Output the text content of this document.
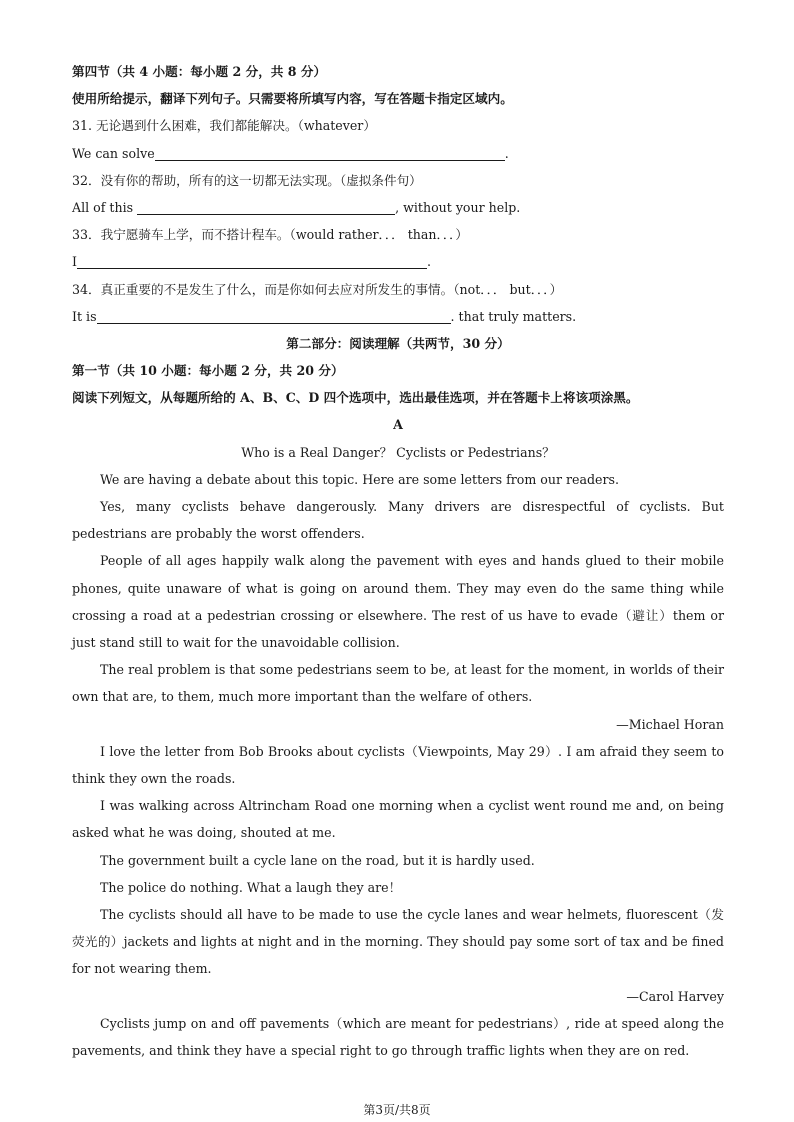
第四节（共 4 小题：每小题 2 分，共 8 分）
使用所给提示，翻译下列句子。只需要将所填写内容，写在答题卡指定区域内。
31. 无论遇到什么困难，我们都能解决。（whatever）
We can solve	.
32．没有你的帮助，所有的这一切都无法实现。（虚拟条件句）
All of this	, without your help.
33．我宁愿骑车上学，而不搭计程车。（would rather．．． than．．．）
I	.
34．真正重要的不是发生了什么，而是你如何去应对所发生的事情。（not．．． but．．．）
It is	. that truly matters.
第二部分：阅读理解（共两节，30 分）
第一节（共 10 小题：每小题 2 分，共 20 分）
阅读下列短文，从每题所给的 A、B、C、D 四个选项中，选出最佳选项，并在答题卡上将该项涂黑。
A
Who is a Real Danger？ Cyclists or Pedestrians？
We are having a debate about this topic. Here are some letters from our readers.
Yes, many cyclists behave dangerously. Many drivers are disrespectful of cyclists. But pedestrians are probably the worst offenders.
People of all ages happily walk along the pavement with eyes and hands glued to their mobile phones, quite unaware of what is going on around them. They may even do the same thing while crossing a road at a pedestrian crossing or elsewhere. The rest of us have to evade（避让）them or just stand still to wait for the unavoidable collision.
The real problem is that some pedestrians seem to be, at least for the moment, in worlds of their own that are, to them, much more important than the welfare of others.
—Michael Horan
I love the letter from Bob Brooks about cyclists（Viewpoints, May 29）. I am afraid they seem to think they own the roads.
I was walking across Altrincham Road one morning when a cyclist went round me and, on being asked what he was doing, shouted at me.
The government built a cycle lane on the road, but it is hardly used.
The police do nothing. What a laugh they are！
The cyclists should all have to be made to use the cycle lanes and wear helmets, fluorescent（发荧光的）jackets and lights at night and in the morning. They should pay some sort of tax and be fined for not wearing them.
—Carol Harvey
Cyclists jump on and off pavements（which are meant for pedestrians）, ride at speed along the pavements, and think they have a special right to go through traffic lights when they are on red.
第3页/共8页
